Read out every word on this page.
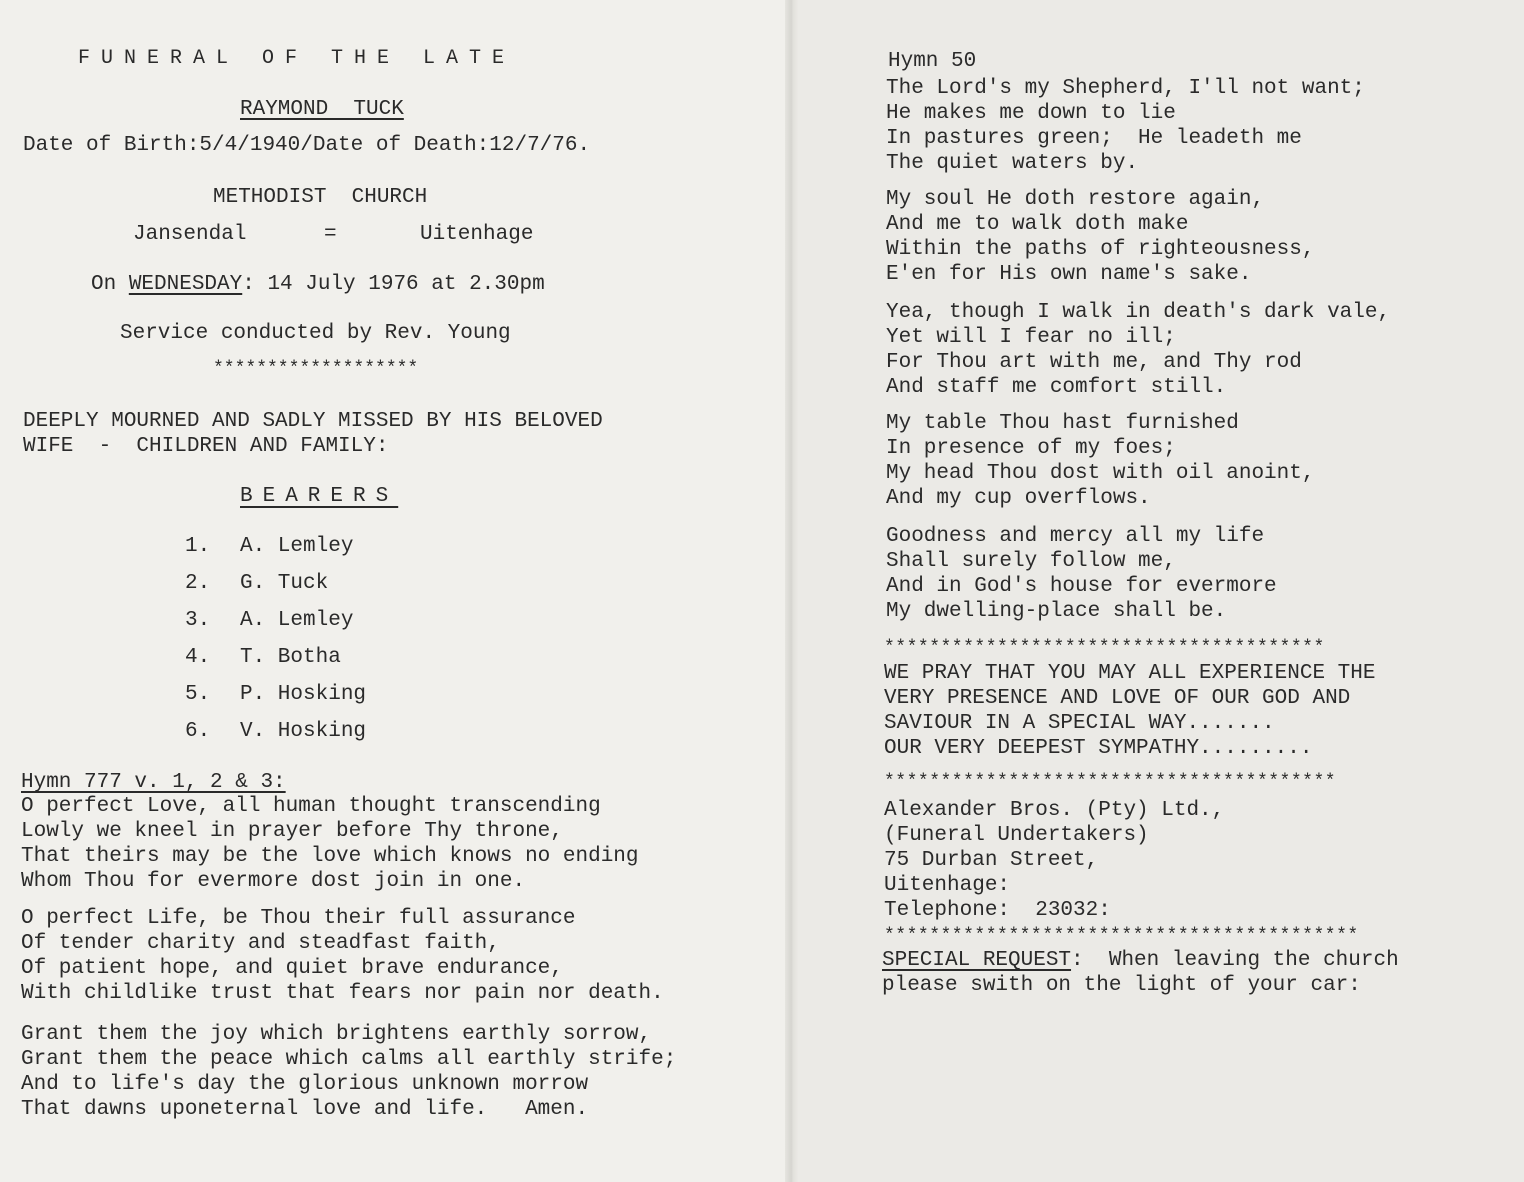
FUNERAL OF THE LATE

RAYMOND  TUCK

Date of Birth:5/4/1940/Date of Death:12/7/76.

METHODIST  CHURCH

Jansendal	=	Uitenhage

On WEDNESDAY: 14 July 1976 at 2.30pm

Service conducted by Rev. Young

*******************

DEEPLY MOURNED AND SADLY MISSED BY HIS BELOVED
WIFE  -  CHILDREN AND FAMILY:

BEARERS

1. A. Lemley
2. G. Tuck
3. A. Lemley
4. T. Botha
5. P. Hosking
6. V. Hosking

Hymn 777 v. 1, 2 & 3:

O perfect Love, all human thought transcending
Lowly we kneel in prayer before Thy throne,
That theirs may be the love which knows no ending
Whom Thou for evermore dost join in one.
O perfect Life, be Thou their full assurance
Of tender charity and steadfast faith,
Of patient hope, and quiet brave endurance,
With childlike trust that fears nor pain nor death.
Grant them the joy which brightens earthly sorrow,
Grant them the peace which calms all earthly strife;
And to life's day the glorious unknown morrow
That dawns uponeternal love and life.   Amen.

Hymn 50

The Lord's my Shepherd, I'll not want;
He makes me down to lie
In pastures green;  He leadeth me
The quiet waters by.
My soul He doth restore again,
And me to walk doth make
Within the paths of righteousness,
E'en for His own name's sake.
Yea, though I walk in death's dark vale,
Yet will I fear no ill;
For Thou art with me, and Thy rod
And staff me comfort still.
My table Thou hast furnished
In presence of my foes;
My head Thou dost with oil anoint,
And my cup overflows.
Goodness and mercy all my life
Shall surely follow me,
And in God's house for evermore
My dwelling-place shall be.
***************************************
WE PRAY THAT YOU MAY ALL EXPERIENCE THE
VERY PRESENCE AND LOVE OF OUR GOD AND
SAVIOUR IN A SPECIAL WAY.......
OUR VERY DEEPEST SYMPATHY.........
****************************************
Alexander Bros. (Pty) Ltd.,
(Funeral Undertakers)
75 Durban Street,
Uitenhage:
Telephone:  23032:
******************************************
SPECIAL REQUEST:  When leaving the church
please swith on the light of your car:
